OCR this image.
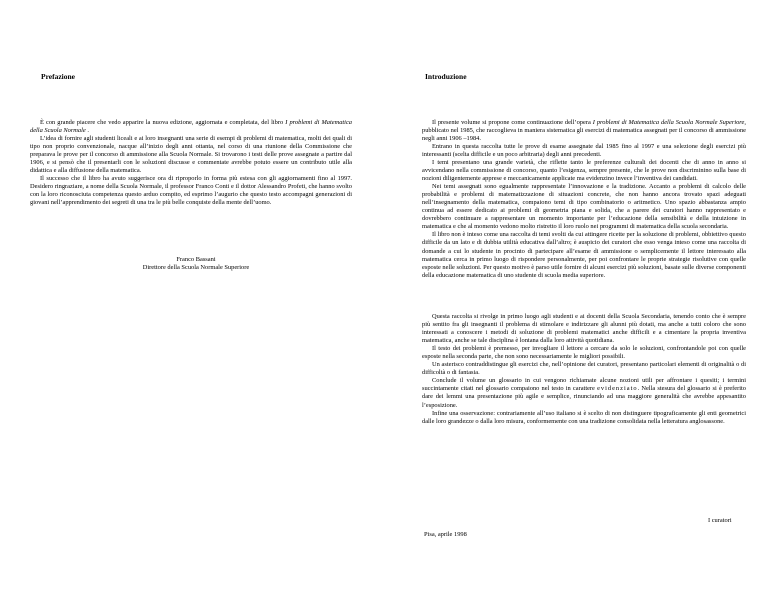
Prefazione

È con grande piacere che vedo apparire la nuova edizione, aggiornata e completata, del libro I problemi di Matematica della Scuola Normale .

L’idea di fornire agli studenti liceali e ai loro insegnanti una serie di esempi di problemi di matematica, molti dei quali di tipo non proprio convenzionale, nacque all’inizio degli anni ottanta, nel corso di una riunione della Commissione che preparava le prove per il concorso di ammissione alla Scuola Normale. Si trovarono i testi delle prove assegnate a partire dal 1906, e si pensò che il presentarli con le soluzioni discusse e commentate avrebbe potuto essere un contributo utile alla didattica e alla diffusione della matematica.

Il successo che il libro ha avuto suggerisce ora di riproporlo in forma più estesa con gli aggiornamenti fino al 1997. Desidero ringraziare, a nome della Scuola Normale, il professor Franco Conti e il dottor Alessandro Profeti, che hanno svolto con la loro riconosciuta competenza questo arduo compito, ed esprimo l’augurio che questo testo accompagni generazioni di giovani nell’apprendimento dei segreti di una tra le più belle conquiste della mente dell’uomo.

Franco Bassani
Direttore della Scuola Normale Superiore
Introduzione

Il presente volume si propone come continuazione dell’opera I problemi di Matematica della Scuola Normale Superiore, pubblicato nel 1985, che raccoglieva in maniera sistematica gli esercizi di matematica assegnati per il concorso di ammissione negli anni 1906 –1984.

Entrano in questa raccolta tutte le prove di esame assegnate dal 1985 fino al 1997 e una selezione degli esercizi più interessanti (scelta difficile e un poco arbitraria) degli anni precedenti.

I temi presentano una grande varietà, che riflette tanto le preferenze culturali dei docenti che di anno in anno si avvicendano nella commissione di concorso, quanto l’esigenza, sempre presente, che le prove non discriminino sulla base di nozioni diligentemente apprese e meccanicamente applicate ma evidenzino invece l’inventiva dei candidati.

Nei temi assegnati sono egualmente rappresentate l’innovazione e la tradizione. Accanto a problemi di calcolo delle probabilità e problemi di matematizzazione di situazioni concrete, che non hanno ancora trovato spazi adeguati nell’insegnamento della matematica, compaiono temi di tipo combinatorio o aritmetico. Uno spazio abbastanza ampio continua ad essere dedicato ai problemi di geometria piana e solida, che a parere dei curatori hanno rappresentato e dovrebbero continuare a rappresentare un momento importante per l’educazione della sensibilità e della intuizione in matematica e che al momento vedono molto ristretto il loro ruolo nei programmi di matematica della scuola secondaria.

Il libro non è inteso come una raccolta di temi svolti da cui attingere ricette per la soluzione di problemi, obbiettivo questo difficile da un lato e di dubbia utilità educativa dall’altro; è auspicio dei curatori che esso venga inteso come una raccolta di domande a cui lo studente in procinto di partecipare all’esame di ammissione o semplicemente il lettore interessato alla matematica cerca in primo luogo di rispondere personalmente, per poi confrontare le proprie strategie risolutive con quelle esposte nelle soluzioni. Per questo motivo è parso utile fornire di alcuni esercizi più soluzioni, basate sulle diverse componenti della educazione matematica di uno studente di scuola media superiore.

Questa raccolta si rivolge in primo luogo agli studenti e ai docenti della Scuola Secondaria, tenendo conto che è sempre più sentito fra gli insegnanti il problema di stimolare e indirizzare gli alunni più dotati, ma anche a tutti coloro che sono interessati a conoscere i metodi di soluzione di problemi matematici anche difficili e a cimentare la propria inventiva matematica, anche se tale disciplina è lontana dalla loro attività quotidiana.

Il testo dei problemi è premesso, per invogliare il lettore a cercare da solo le soluzioni, confrontandole poi con quelle esposte nella seconda parte, che non sono necessariamente le migliori possibili.

Un asterisco contraddistingue gli esercizi che, nell’opinione dei curatori, presentano particolari elementi di originalità o di difficoltà o di fantasia.

Conclude il volume un glossario in cui vengono richiamate alcune nozioni utili per affrontare i quesiti; i termini succintamente citati nel glossario compaiono nel testo in carattere evidenziato. Nella stesura del glossario si è preferito dare dei lemmi una presentazione più agile e semplice, rinunciando ad una maggiore generalità che avrebbe appesantito l’esposizione.

Infine una osservazione: contrariamente all’uso italiano si è scelto di non distinguere tipograficamente gli enti geometrici dalle loro grandezze o dalla loro misura, conformemente con una tradizione consolidata nella letteratura anglosassone.

I curatori
Pisa, aprile 1998
